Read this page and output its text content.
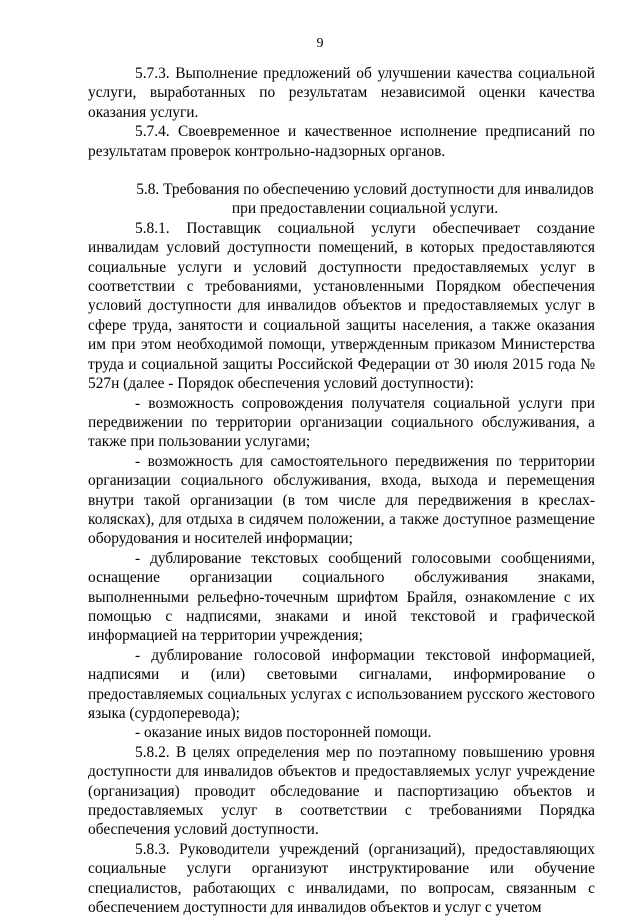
9

5.7.3. Выполнение предложений об улучшении качества социальной услуги, выработанных по результатам независимой оценки качества оказания услуги.

5.7.4. Своевременное и качественное исполнение предписаний по результатам проверок контрольно-надзорных органов.

5.8. Требования по обеспечению условий доступности для инвалидов
при предоставлении социальной услуги.

5.8.1. Поставщик социальной услуги обеспечивает создание инвалидам условий доступности помещений, в которых предоставляются социальные услуги и условий доступности предоставляемых услуг в соответствии с требованиями, установленными Порядком обеспечения условий доступности для инвалидов объектов и предоставляемых услуг в сфере труда, занятости и социальной защиты населения, а также оказания им при этом необходимой помощи, утвержденным приказом Министерства труда и социальной защиты Российской Федерации от 30 июля 2015 года № 527н (далее - Порядок обеспечения условий доступности):

- возможность сопровождения получателя социальной услуги при передвижении по территории организации социального обслуживания, а также при пользовании услугами;

- возможность для самостоятельного передвижения по территории организации социального обслуживания, входа, выхода и перемещения внутри такой организации (в том числе для передвижения в креслах-колясках), для отдыха в сидячем положении, а также доступное размещение оборудования и носителей информации;

- дублирование текстовых сообщений голосовыми сообщениями, оснащение организации социального обслуживания знаками, выполненными рельефно-точечным шрифтом Брайля, ознакомление с их помощью с надписями, знаками и иной текстовой и графической информацией на территории учреждения;

- дублирование голосовой информации текстовой информацией, надписями и (или) световыми сигналами, информирование о предоставляемых социальных услугах с использованием русского жестового языка (сурдоперевода);

- оказание иных видов посторонней помощи.

5.8.2. В целях определения мер по поэтапному повышению уровня доступности для инвалидов объектов и предоставляемых услуг учреждение (организация) проводит обследование и паспортизацию объектов и предоставляемых услуг в соответствии с требованиями Порядка обеспечения условий доступности.

5.8.3. Руководители учреждений (организаций), предоставляющих социальные услуги организуют инструктирование или обучение специалистов, работающих с инвалидами, по вопросам, связанным с обеспечением доступности для инвалидов объектов и услуг с учетом
